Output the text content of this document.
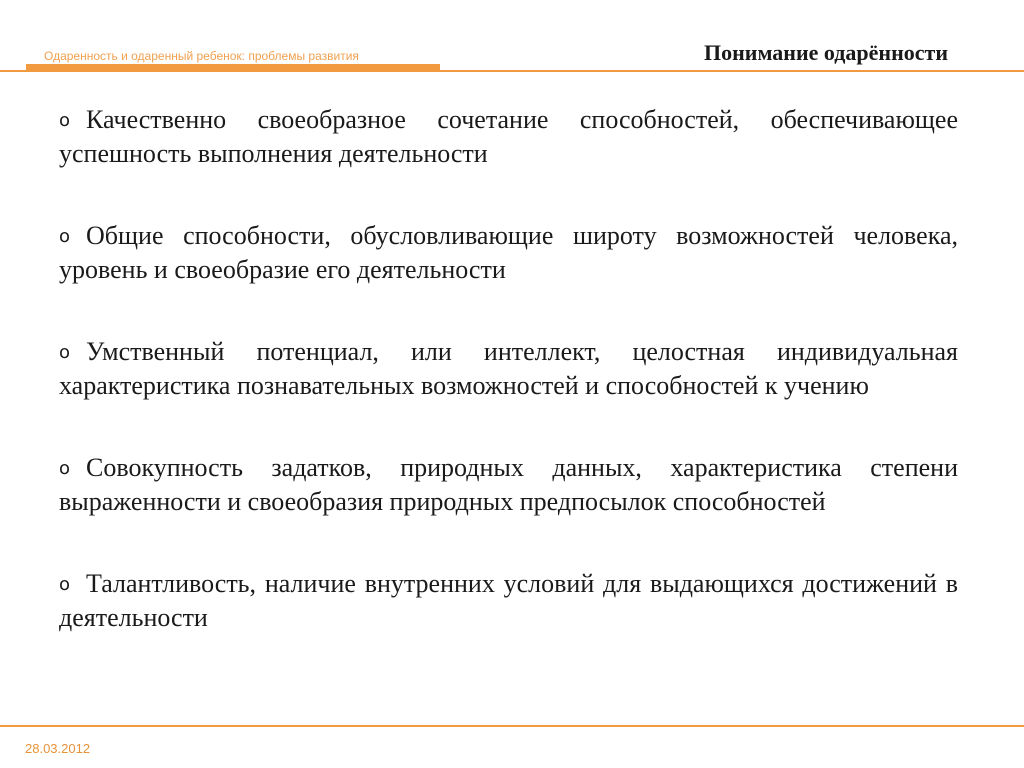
Одаренность и одаренный ребенок: проблемы развития	Понимание одарённости

o Качественно своеобразное сочетание способностей, обеспечивающее успешность выполнения деятельности

o Общие способности, обусловливающие широту возможностей человека, уровень и своеобразие его деятельности

o Умственный потенциал, или интеллект, целостная индивидуальная характеристика познавательных возможностей и способностей к учению

o Совокупность задатков, природных данных, характеристика степени выраженности и своеобразия природных предпосылок способностей

o Талантливость, наличие внутренних условий для выдающихся достижений в деятельности

28.03.2012
